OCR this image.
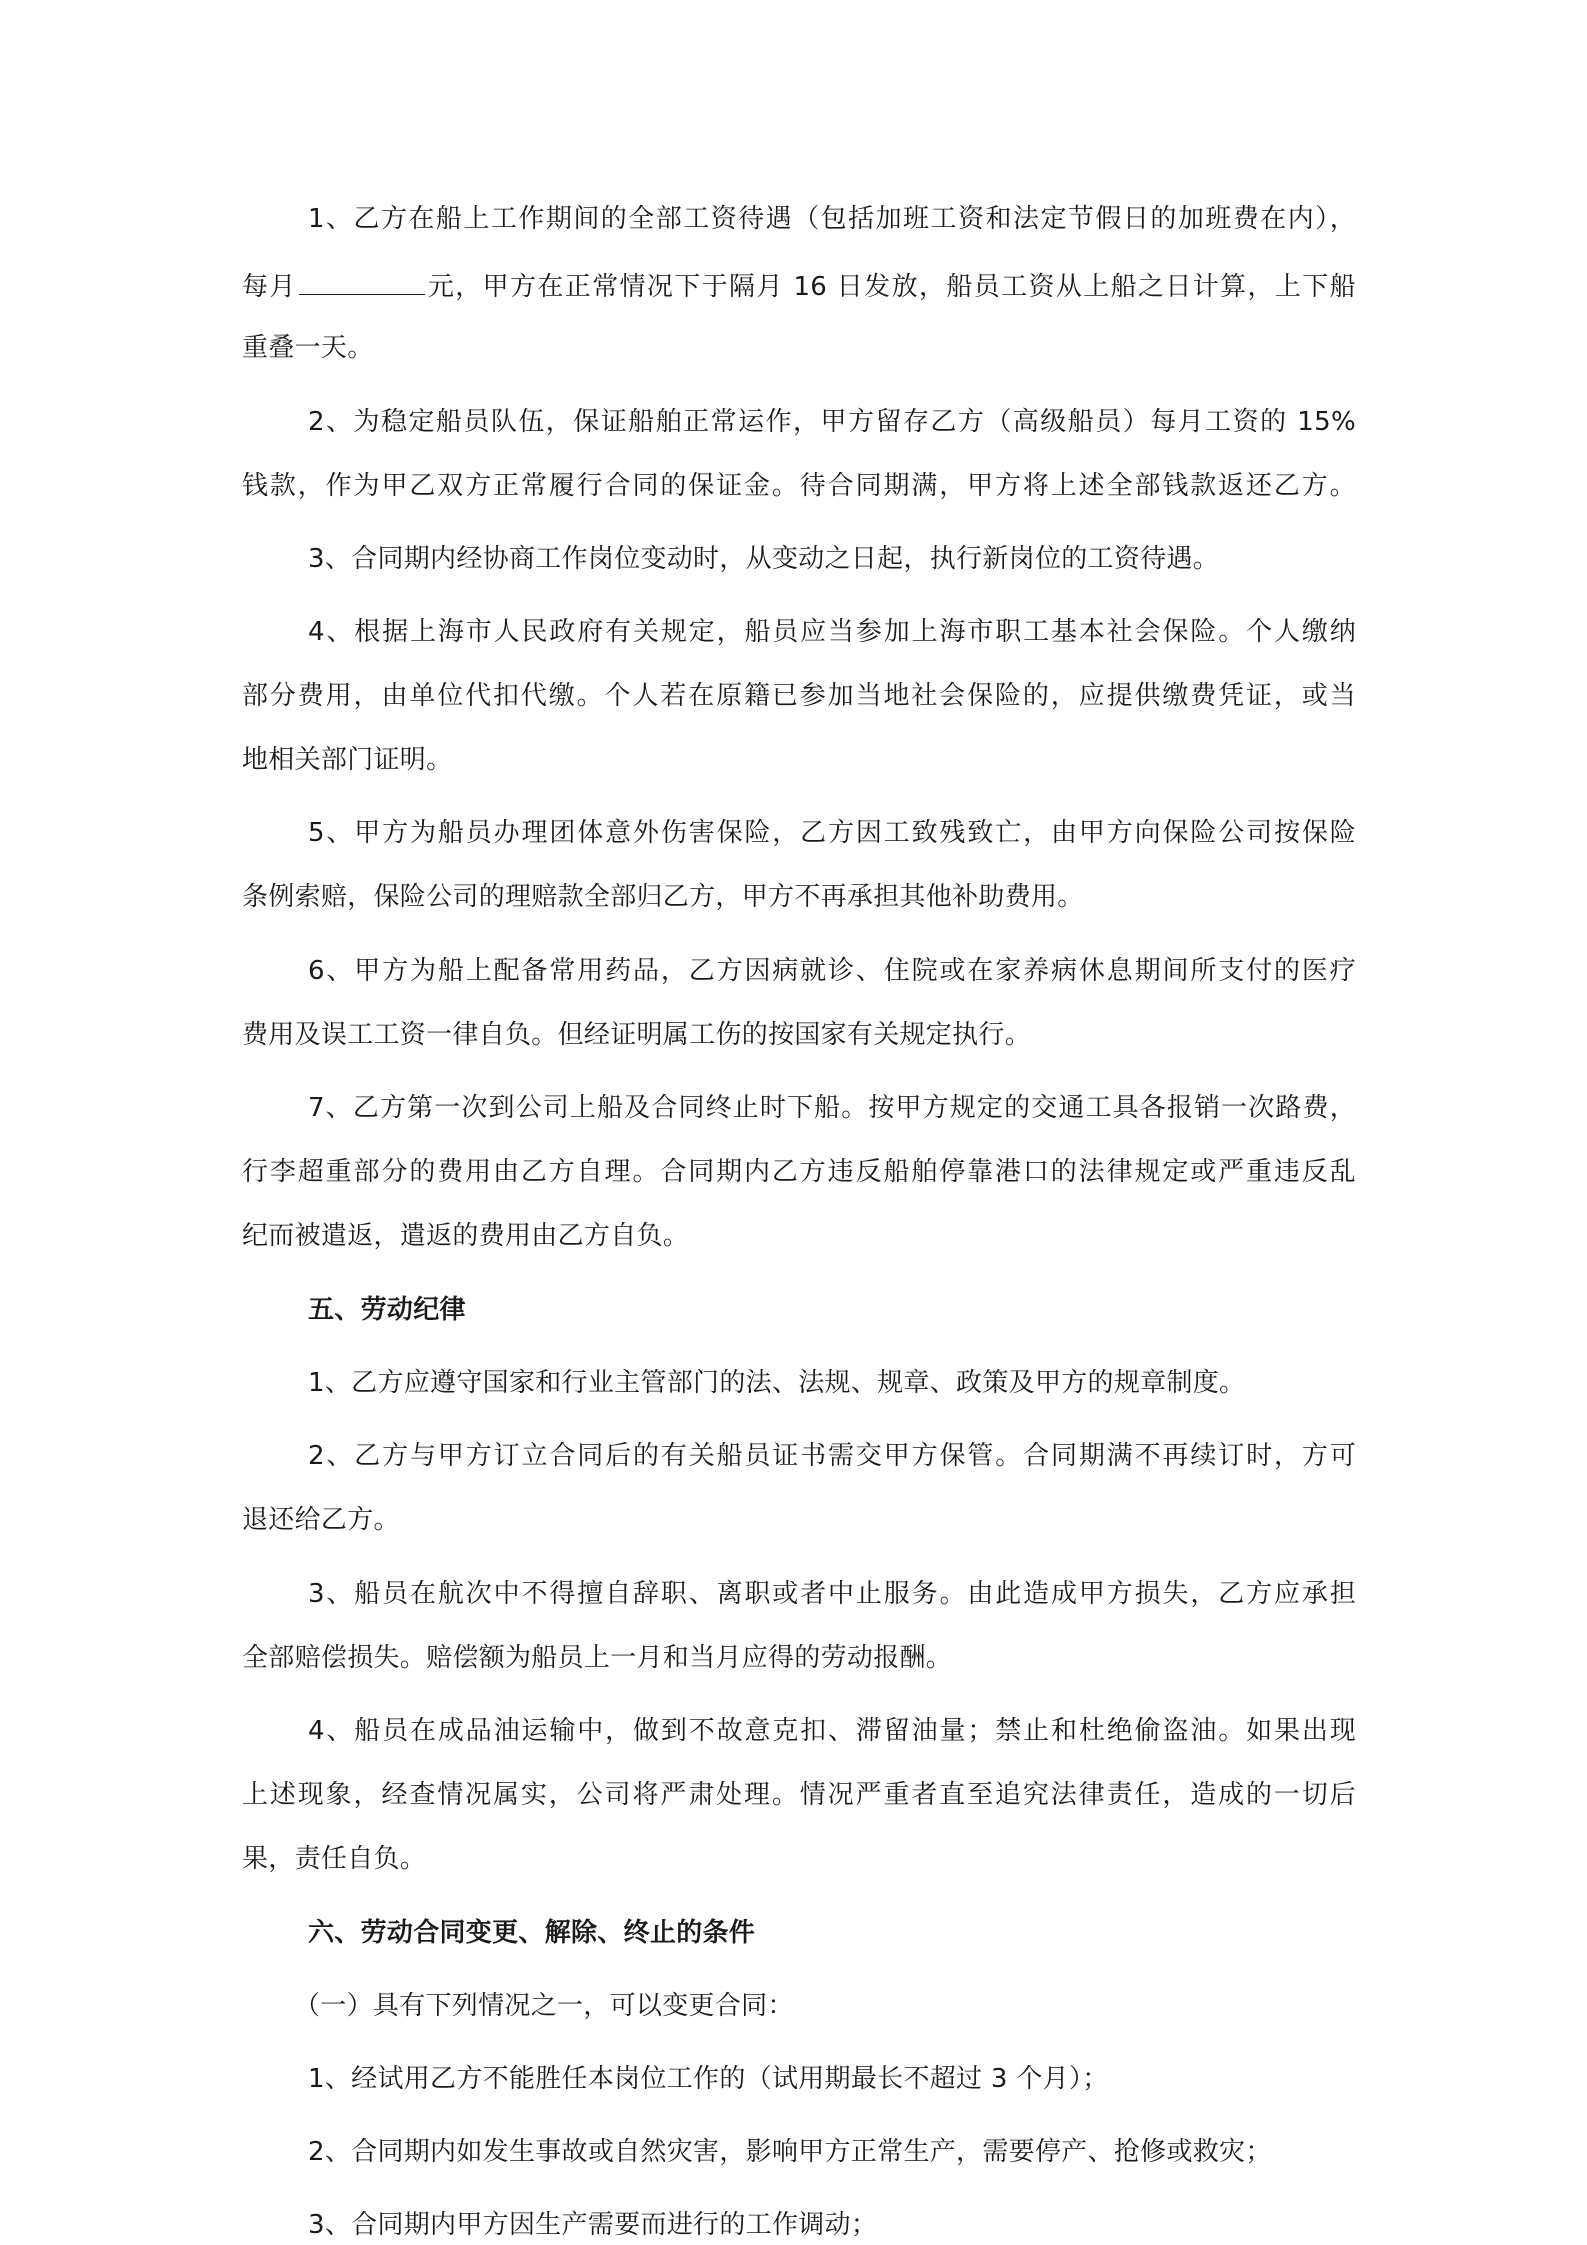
1、乙方在船上工作期间的全部工资待遇（包括加班工资和法定节假日的加班费在内），
每月	元，甲方在正常情况下于隔月 16 日发放，船员工资从上船之日计算，上下船
重叠一天。
2、为稳定船员队伍，保证船舶正常运作，甲方留存乙方（高级船员）每月工资的 15%
钱款，作为甲乙双方正常履行合同的保证金。待合同期满，甲方将上述全部钱款返还乙方。
3、合同期内经协商工作岗位变动时，从变动之日起，执行新岗位的工资待遇。
4、根据上海市人民政府有关规定，船员应当参加上海市职工基本社会保险。个人缴纳
部分费用，由单位代扣代缴。个人若在原籍已参加当地社会保险的，应提供缴费凭证，或当
地相关部门证明。
5、甲方为船员办理团体意外伤害保险，乙方因工致残致亡，由甲方向保险公司按保险
条例索赔，保险公司的理赔款全部归乙方，甲方不再承担其他补助费用。
6、甲方为船上配备常用药品，乙方因病就诊、住院或在家养病休息期间所支付的医疗
费用及误工工资一律自负。但经证明属工伤的按国家有关规定执行。
7、乙方第一次到公司上船及合同终止时下船。按甲方规定的交通工具各报销一次路费，
行李超重部分的费用由乙方自理。合同期内乙方违反船舶停靠港口的法律规定或严重违反乱
纪而被遣返，遣返的费用由乙方自负。
五、劳动纪律
1、乙方应遵守国家和行业主管部门的法、法规、规章、政策及甲方的规章制度。
2、乙方与甲方订立合同后的有关船员证书需交甲方保管。合同期满不再续订时，方可
退还给乙方。
3、船员在航次中不得擅自辞职、离职或者中止服务。由此造成甲方损失，乙方应承担
全部赔偿损失。赔偿额为船员上一月和当月应得的劳动报酬。
4、船员在成品油运输中，做到不故意克扣、滞留油量；禁止和杜绝偷盗油。如果出现
上述现象，经查情况属实，公司将严肃处理。情况严重者直至追究法律责任，造成的一切后
果，责任自负。
六、劳动合同变更、解除、终止的条件
（一）具有下列情况之一，可以变更合同：
1、经试用乙方不能胜任本岗位工作的（试用期最长不超过 3 个月）；
2、合同期内如发生事故或自然灾害，影响甲方正常生产，需要停产、抢修或救灾；
3、合同期内甲方因生产需要而进行的工作调动；
